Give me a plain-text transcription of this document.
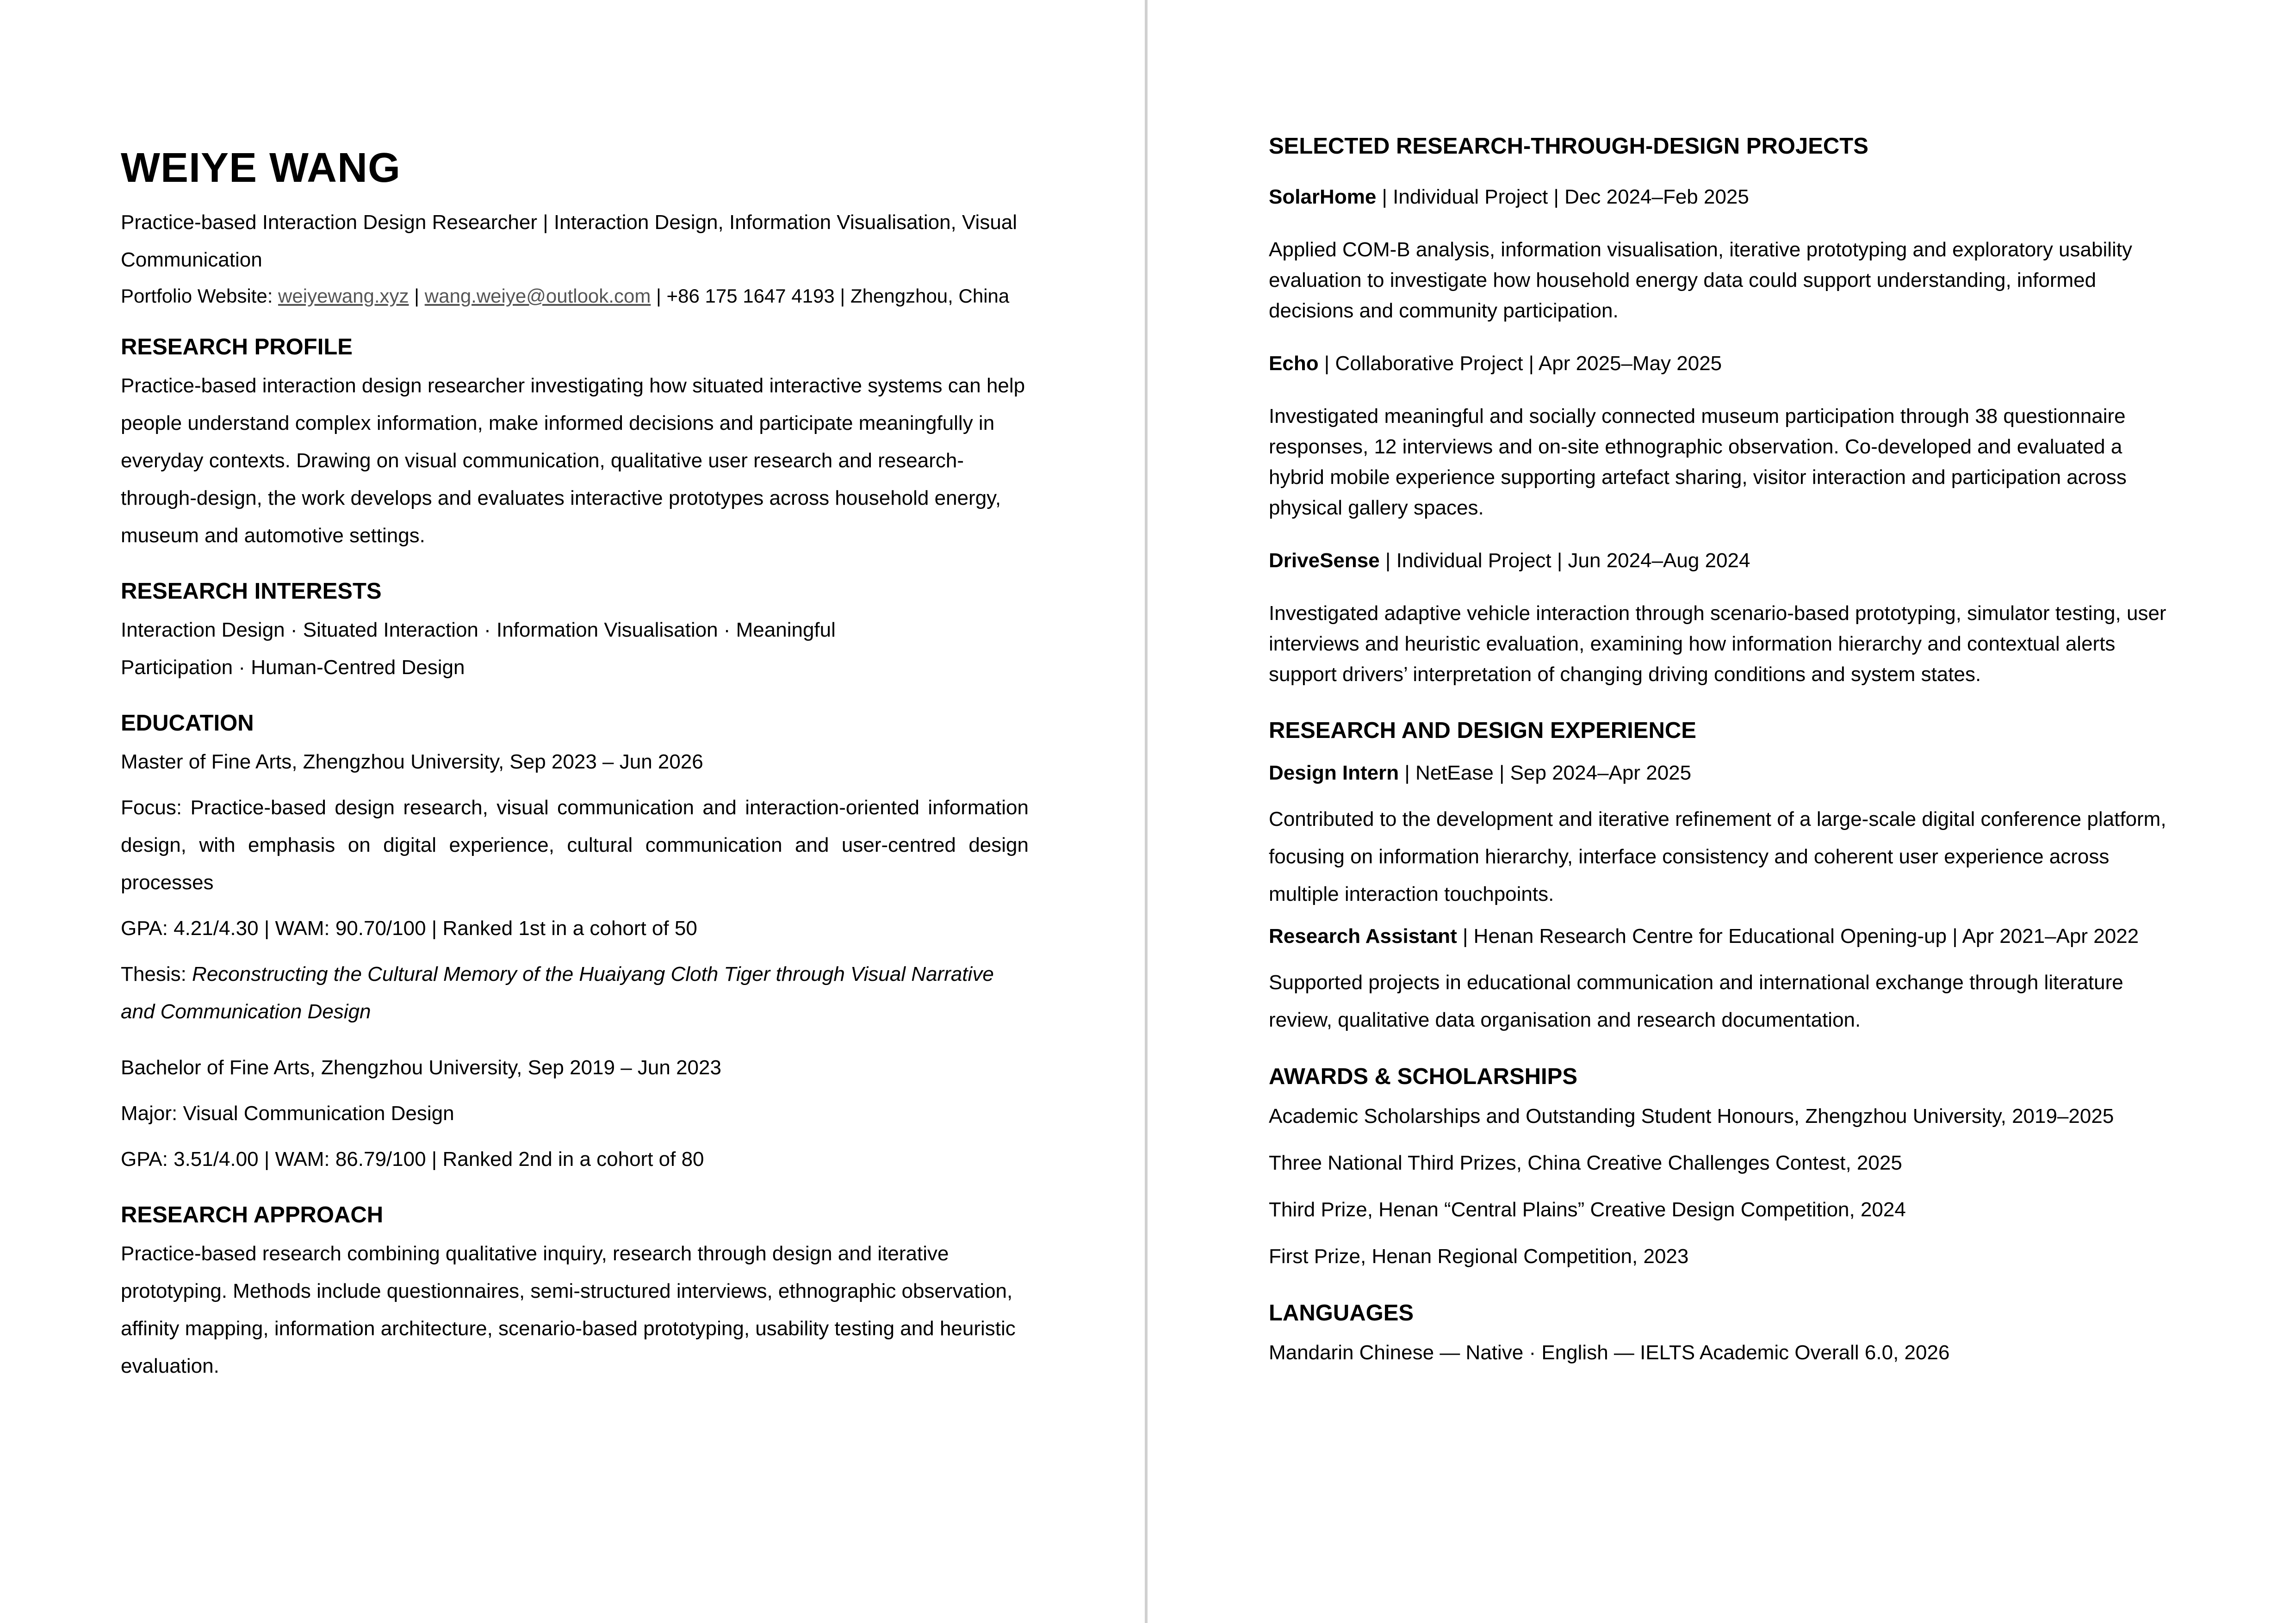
WEIYE WANG

Practice-based Interaction Design Researcher | Interaction Design, Information Visualisation, Visual Communication

Portfolio Website: weiyewang.xyz | wang.weiye@outlook.com | +86 175 1647 4193 | Zhengzhou, China

RESEARCH PROFILE

Practice-based interaction design researcher investigating how situated interactive systems can help people understand complex information, make informed decisions and participate meaningfully in everyday contexts. Drawing on visual communication, qualitative user research and research-through-design, the work develops and evaluates interactive prototypes across household energy, museum and automotive settings.

RESEARCH INTERESTS

Interaction Design · Situated Interaction · Information Visualisation · Meaningful

Participation · Human-Centred Design

EDUCATION

Master of Fine Arts, Zhengzhou University, Sep 2023 – Jun 2026

Focus: Practice-based design research, visual communication and interaction-oriented information design, with emphasis on digital experience, cultural communication and user-centred design processes

GPA: 4.21/4.30 | WAM: 90.70/100 | Ranked 1st in a cohort of 50

Thesis: Reconstructing the Cultural Memory of the Huaiyang Cloth Tiger through Visual Narrative and Communication Design

Bachelor of Fine Arts, Zhengzhou University, Sep 2019 – Jun 2023

Major: Visual Communication Design

GPA: 3.51/4.00 | WAM: 86.79/100 | Ranked 2nd in a cohort of 80

RESEARCH APPROACH

Practice-based research combining qualitative inquiry, research through design and iterative prototyping. Methods include questionnaires, semi-structured interviews, ethnographic observation, affinity mapping, information architecture, scenario-based prototyping, usability testing and heuristic evaluation.

SELECTED RESEARCH-THROUGH-DESIGN PROJECTS

SolarHome | Individual Project | Dec 2024–Feb 2025

Applied COM-B analysis, information visualisation, iterative prototyping and exploratory usability evaluation to investigate how household energy data could support understanding, informed decisions and community participation.

Echo | Collaborative Project | Apr 2025–May 2025

Investigated meaningful and socially connected museum participation through 38 questionnaire responses, 12 interviews and on-site ethnographic observation. Co-developed and evaluated a hybrid mobile experience supporting artefact sharing, visitor interaction and participation across physical gallery spaces.

DriveSense | Individual Project | Jun 2024–Aug 2024

Investigated adaptive vehicle interaction through scenario-based prototyping, simulator testing, user interviews and heuristic evaluation, examining how information hierarchy and contextual alerts support drivers’ interpretation of changing driving conditions and system states.

RESEARCH AND DESIGN EXPERIENCE

Design Intern | NetEase | Sep 2024–Apr 2025

Contributed to the development and iterative refinement of a large-scale digital conference platform, focusing on information hierarchy, interface consistency and coherent user experience across multiple interaction touchpoints.

Research Assistant | Henan Research Centre for Educational Opening-up | Apr 2021–Apr 2022

Supported projects in educational communication and international exchange through literature review, qualitative data organisation and research documentation.

AWARDS & SCHOLARSHIPS

Academic Scholarships and Outstanding Student Honours, Zhengzhou University, 2019–2025

Three National Third Prizes, China Creative Challenges Contest, 2025

Third Prize, Henan “Central Plains” Creative Design Competition, 2024

First Prize, Henan Regional Competition, 2023

LANGUAGES

Mandarin Chinese — Native · English — IELTS Academic Overall 6.0, 2026
